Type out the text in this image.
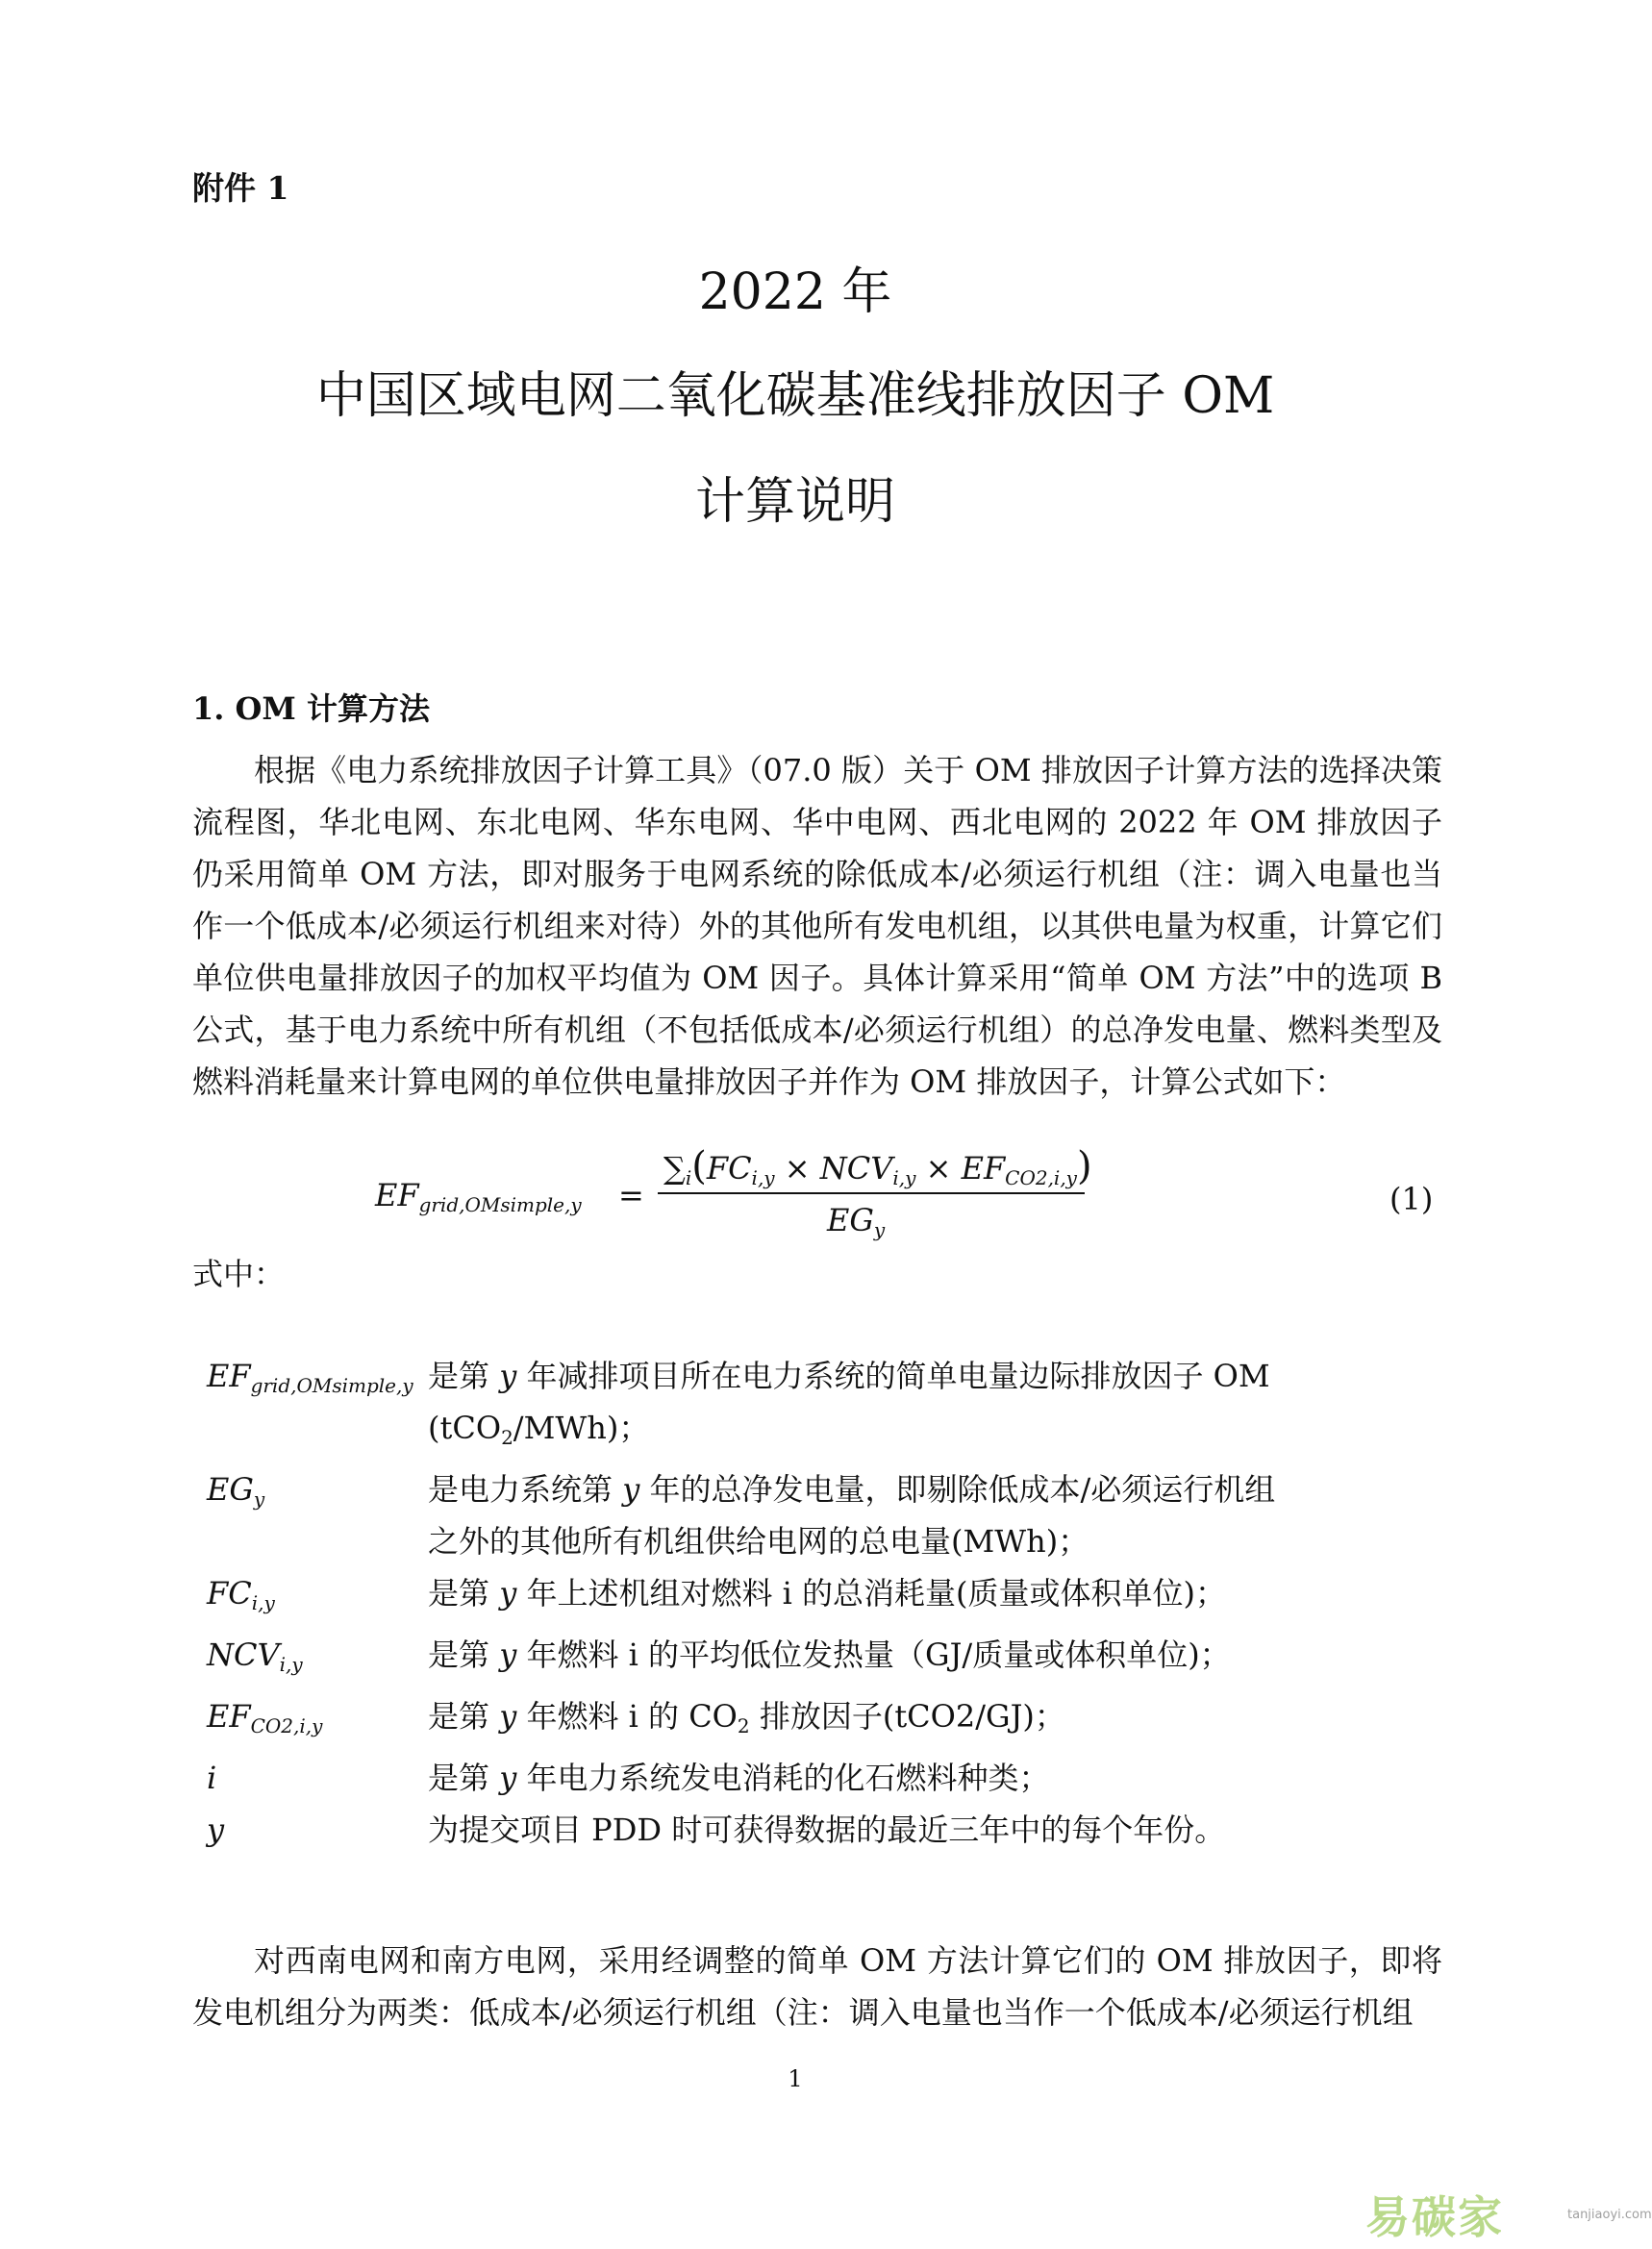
附件 1
2022 年
中国区域电网二氧化碳基准线排放因子 OM
计算说明
1. OM 计算方法
根据《电力系统排放因子计算工具》（07.0 版）关于 OM 排放因子计算方法的选择决策流程图，华北电网、东北电网、华东电网、华中电网、西北电网的 2022 年 OM 排放因子仍采用简单 OM 方法，即对服务于电网系统的除低成本/必须运行机组（注：调入电量也当作一个低成本/必须运行机组来对待）外的其他所有发电机组，以其供电量为权重，计算它们单位供电量排放因子的加权平均值为 OM 因子。具体计算采用“简单 OM 方法”中的选项 B 公式，基于电力系统中所有机组（不包括低成本/必须运行机组）的总净发电量、燃料类型及燃料消耗量来计算电网的单位供电量排放因子并作为 OM 排放因子，计算公式如下：
$EF_{grid,OMsimple,y}$ =
$\sum_i(FC_{i,y} \times NCV_{i,y} \times EF_{CO2,i,y})$
$EG_y$
(1)
式中：
$EF_{grid,OMsimple,y}$ 是第 y 年减排项目所在电力系统的简单电量边际排放因子 OM (tCO$_2$/MWh)；
$EG_y$	是电力系统第 y 年的总净发电量，即剔除低成本/必须运行机组之外的其他所有机组供给电网的总电量(MWh)；
$FC_{i,y}$	是第 y 年上述机组对燃料 i 的总消耗量(质量或体积单位)；
$NCV_{i,y}$	是第 y 年燃料 i 的平均低位发热量（GJ/质量或体积单位)；
$EF_{CO2,i,y}$	是第 y 年燃料 i 的 $CO_2$ 排放因子(tCO2/GJ)；
i	是第 y 年电力系统发电消耗的化石燃料种类；
y	为提交项目 PDD 时可获得数据的最近三年中的每个年份。
对西南电网和南方电网，采用经调整的简单 OM 方法计算它们的 OM 排放因子，即将发电机组分为两类：低成本/必须运行机组（注：调入电量也当作一个低成本/必须运行机组
1
易碳家	tanjiaoyi.com
